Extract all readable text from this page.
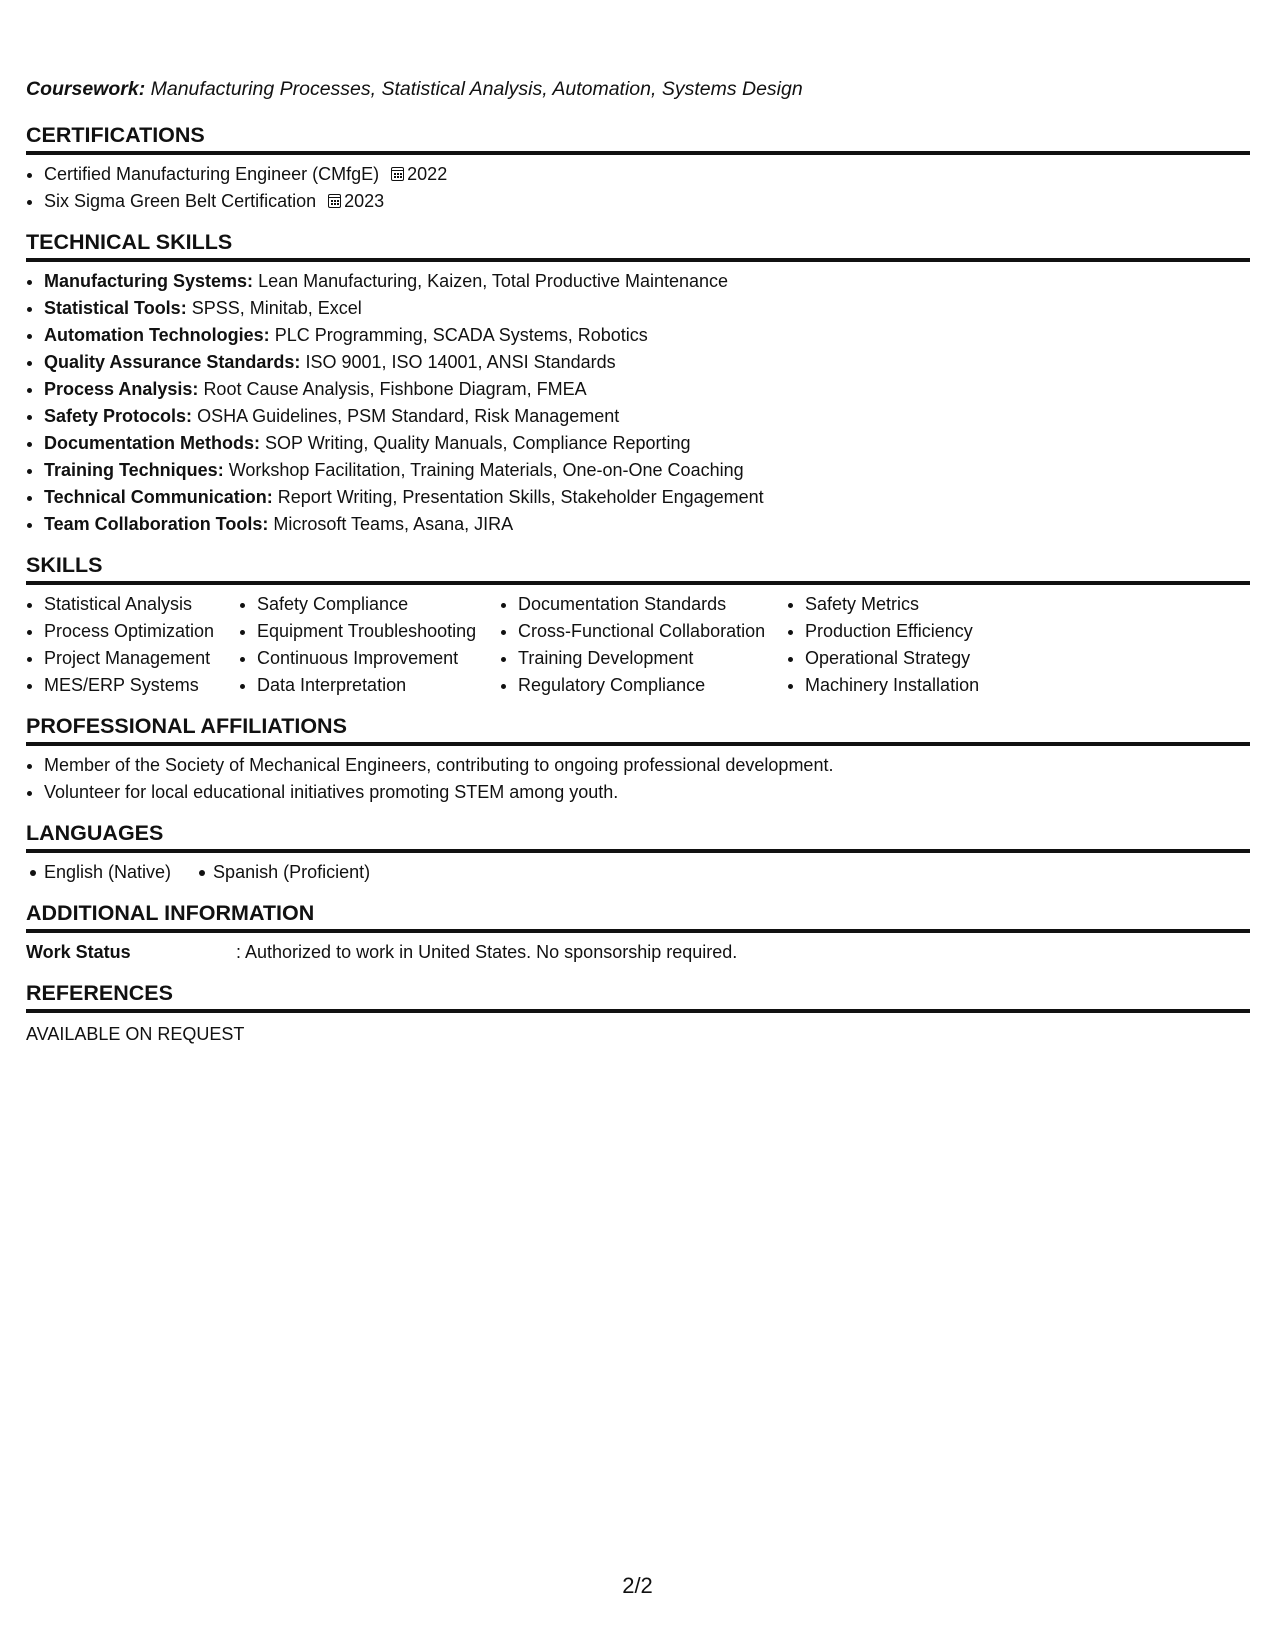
Coursework: Manufacturing Processes, Statistical Analysis, Automation, Systems Design

CERTIFICATIONS
• Certified Manufacturing Engineer (CMfgE) 2022
• Six Sigma Green Belt Certification 2023
TECHNICAL SKILLS
• Manufacturing Systems: Lean Manufacturing, Kaizen, Total Productive Maintenance
• Statistical Tools: SPSS, Minitab, Excel
• Automation Technologies: PLC Programming, SCADA Systems, Robotics
• Quality Assurance Standards: ISO 9001, ISO 14001, ANSI Standards
• Process Analysis: Root Cause Analysis, Fishbone Diagram, FMEA
• Safety Protocols: OSHA Guidelines, PSM Standard, Risk Management
• Documentation Methods: SOP Writing, Quality Manuals, Compliance Reporting
• Training Techniques: Workshop Facilitation, Training Materials, One-on-One Coaching
• Technical Communication: Report Writing, Presentation Skills, Stakeholder Engagement
• Team Collaboration Tools: Microsoft Teams, Asana, JIRA
SKILLS
• Statistical Analysis
• Process Optimization
• Project Management
• MES/ERP Systems
• Safety Compliance
• Equipment Troubleshooting
• Continuous Improvement
• Data Interpretation
• Documentation Standards
• Cross-Functional Collaboration
• Training Development
• Regulatory Compliance
• Safety Metrics
• Production Efficiency
• Operational Strategy
• Machinery Installation
PROFESSIONAL AFFILIATIONS
• Member of the Society of Mechanical Engineers, contributing to ongoing professional development.
• Volunteer for local educational initiatives promoting STEM among youth.
LANGUAGES
English (Native)	Spanish (Proficient)
ADDITIONAL INFORMATION
Work Status	: Authorized to work in United States. No sponsorship required.
REFERENCES
AVAILABLE ON REQUEST
2/2
